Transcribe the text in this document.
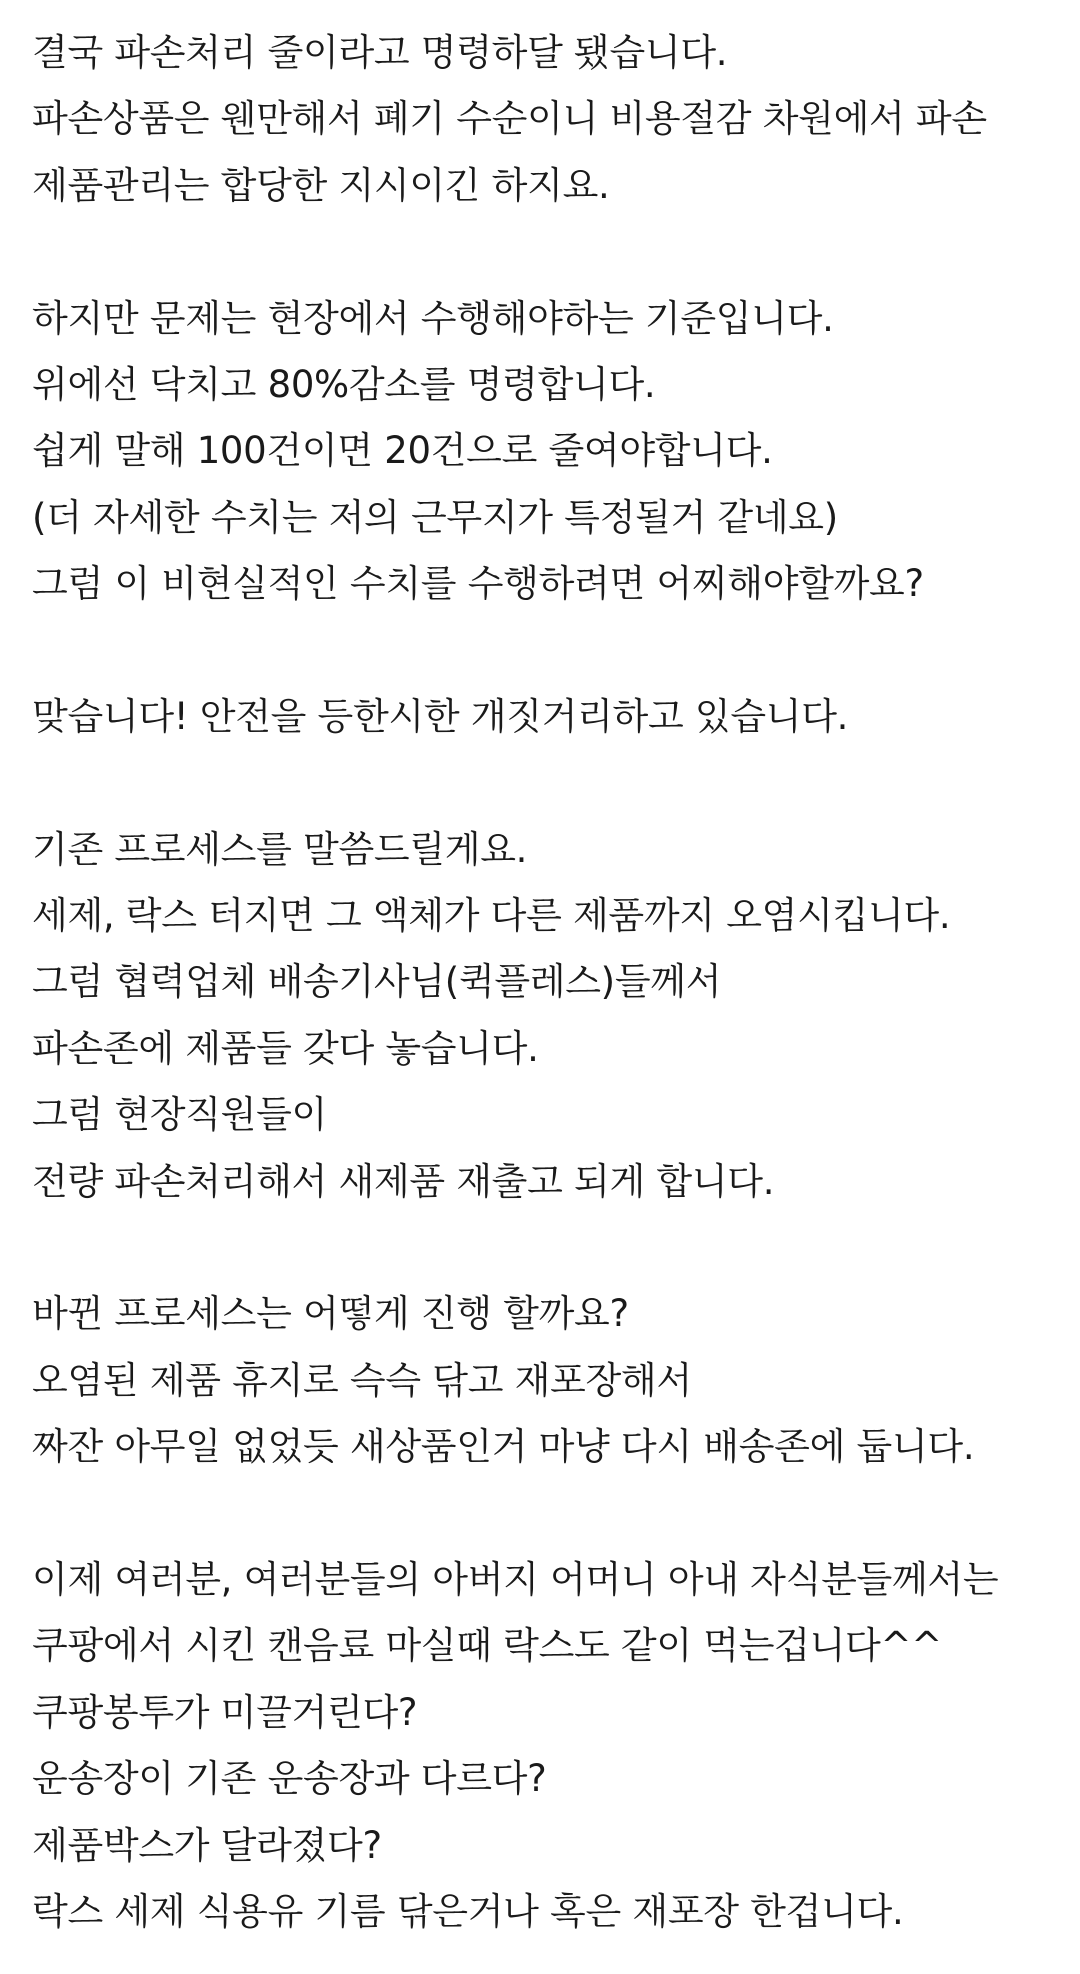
결국 파손처리 줄이라고 명령하달 됐습니다.
파손상품은 웬만해서 폐기 수순이니 비용절감 차원에서 파손
제품관리는 합당한 지시이긴 하지요.
하지만 문제는 현장에서 수행해야하는 기준입니다.
위에선 닥치고 80%감소를 명령합니다.
쉽게 말해 100건이면 20건으로 줄여야합니다.
(더 자세한 수치는 저의 근무지가 특정될거 같네요)
그럼 이 비현실적인 수치를 수행하려면 어찌해야할까요?
맞습니다! 안전을 등한시한 개짓거리하고 있습니다.
기존 프로세스를 말씀드릴게요.
세제, 락스 터지면 그 액체가 다른 제품까지 오염시킵니다.
그럼 협력업체 배송기사님(퀵플레스)들께서
파손존에 제품들 갖다 놓습니다.
그럼 현장직원들이
전량 파손처리해서 새제품 재출고 되게 합니다.
바뀐 프로세스는 어떻게 진행 할까요?
오염된 제품 휴지로 슥슥 닦고 재포장해서
짜잔 아무일 없었듯 새상품인거 마냥 다시 배송존에 둡니다.
이제 여러분, 여러분들의 아버지 어머니 아내 자식분들께서는
쿠팡에서 시킨 캔음료 마실때 락스도 같이 먹는겁니다^^
쿠팡봉투가 미끌거린다?
운송장이 기존 운송장과 다르다?
제품박스가 달라졌다?
락스 세제 식용유 기름 닦은거나 혹은 재포장 한겁니다.
